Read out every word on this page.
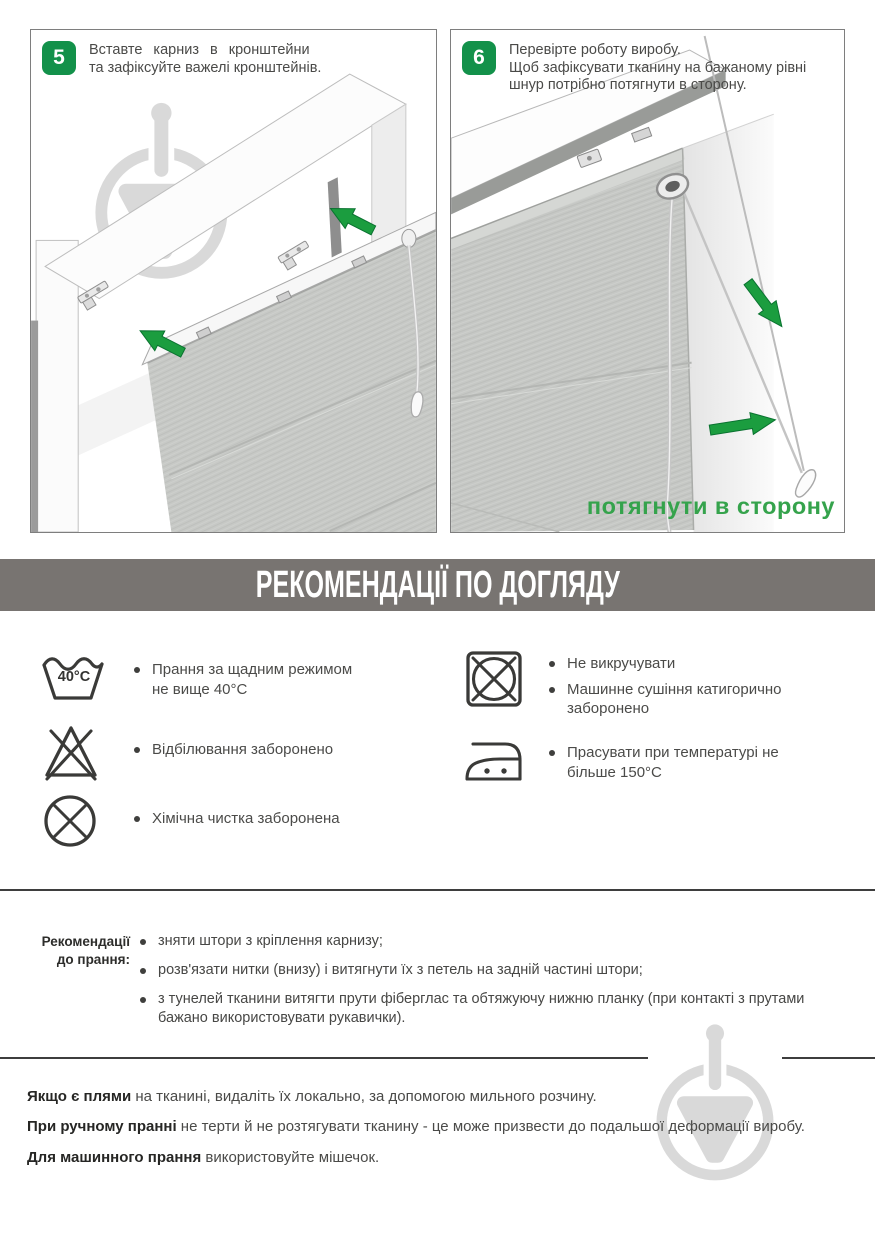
5	Вставте карниз в кронштейни
та зафіксуйте важелі кронштейнів.	6	Перевірте роботу виробу.
Щоб зафіксувати тканину на бажаному рівні
шнур потрібно потягнути в сторону.
потягнути в сторону
РЕКОМЕНДАЦІЇ ПО ДОГЛЯДУ
40°C	Прання за щадним режимом не вище 40°С
Відбілювання заборонено
Хімічна чистка заборонена
Не викручувати
Машинне сушіння катигорично заборонено
Прасувати при температурі не більше 150°С
Рекомендації
до прання:
зняти штори з кріплення карнизу;
розв'язати нитки (внизу) і витягнути їх з петель на задній частині штори;
з тунелей тканини витягти прути фіберглас та обтяжуючу нижню планку (при контакті з прутами бажано використовувати рукавички).
Якщо є плями на тканині, видаліть їх локально, за допомогою мильного розчину.
При ручному пранні не терти й не розтягувати тканину - це може призвести до подальшої деформації виробу.
Для машинного прання використовуйте мішечок.
